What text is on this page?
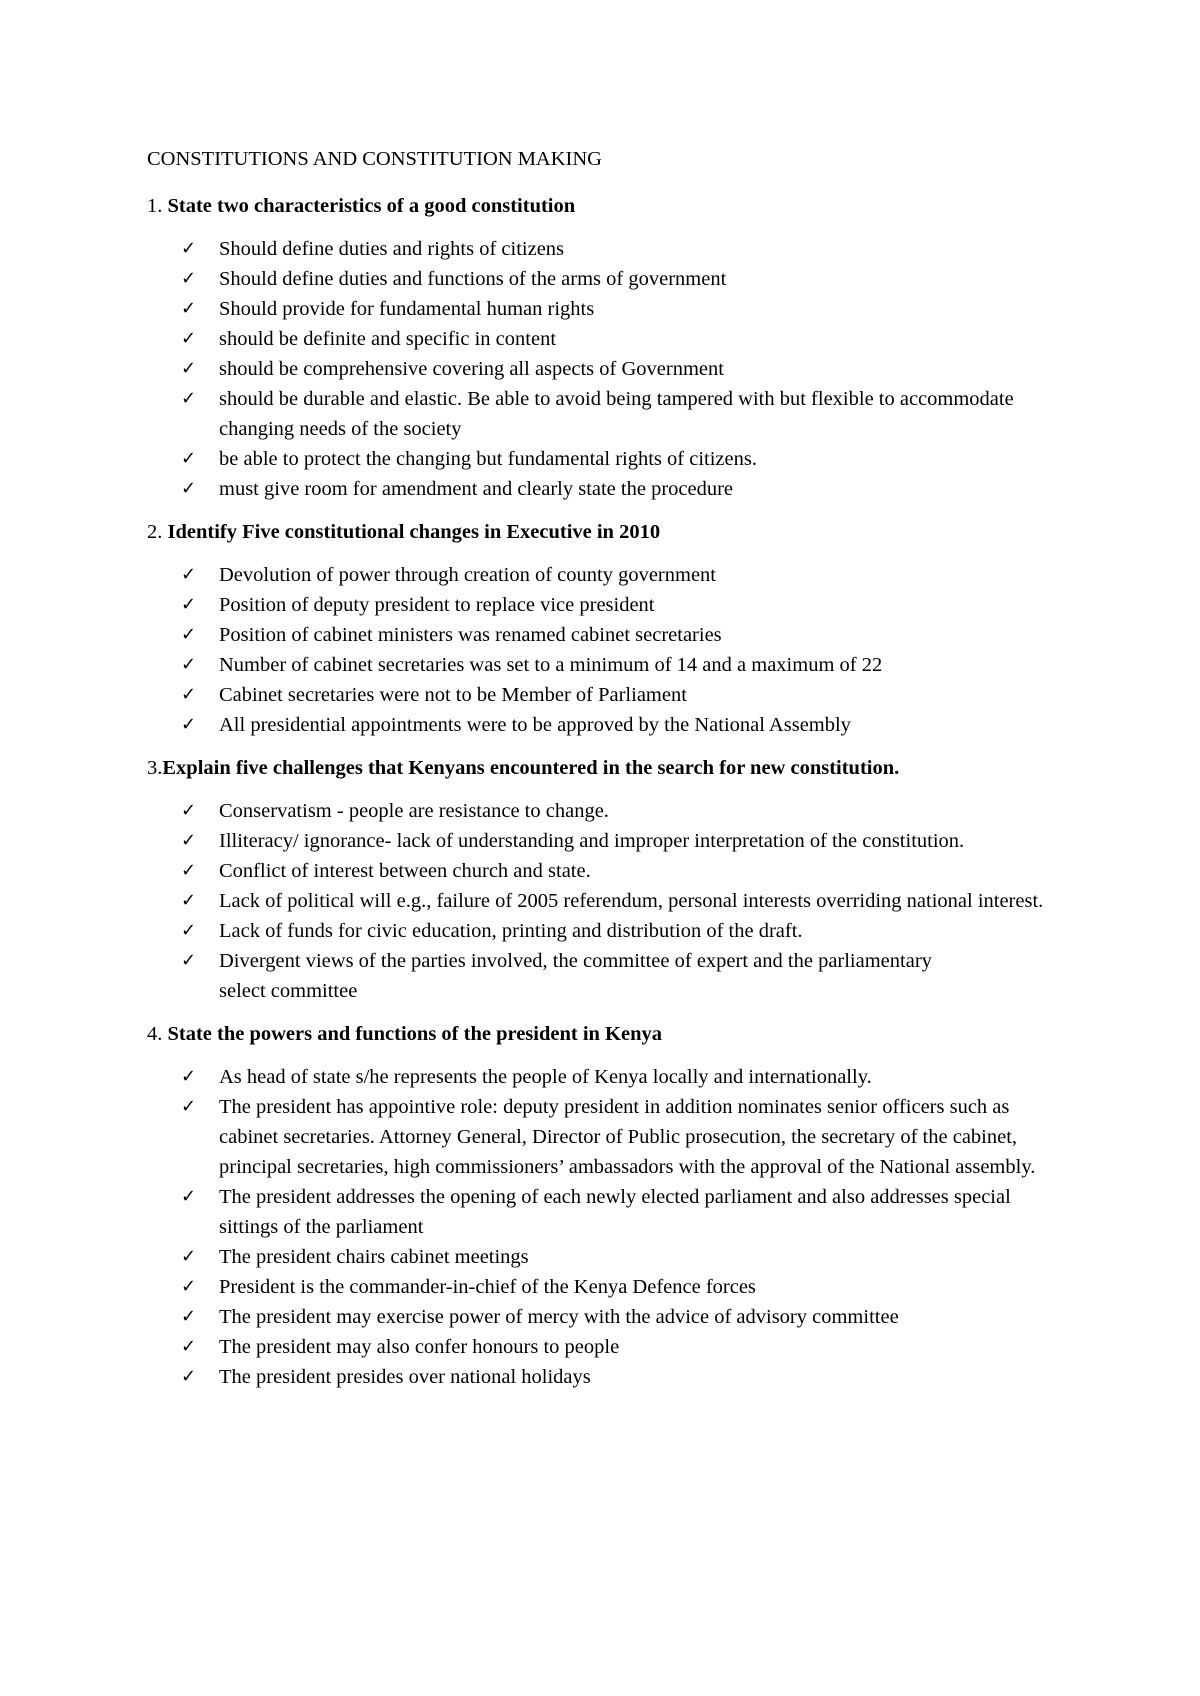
CONSTITUTIONS AND CONSTITUTION MAKING
1. State two characteristics of a good constitution
✓ Should define duties and rights of citizens
✓ Should define duties and functions of the arms of government
✓ Should provide for fundamental human rights
✓ should be definite and specific in content
✓ should be comprehensive covering all aspects of Government
✓ should be durable and elastic. Be able to avoid being tampered with but flexible to accommodate changing needs of the society
✓ be able to protect the changing but fundamental rights of citizens.
✓ must give room for amendment and clearly state the procedure
2. Identify Five constitutional changes in Executive in 2010
✓ Devolution of power through creation of county government
✓ Position of deputy president to replace vice president
✓ Position of cabinet ministers was renamed cabinet secretaries
✓ Number of cabinet secretaries was set to a minimum of 14 and a maximum of 22
✓ Cabinet secretaries were not to be Member of Parliament
✓ All presidential appointments were to be approved by the National Assembly
3.Explain five challenges that Kenyans encountered in the search for new constitution.
✓ Conservatism - people are resistance to change.
✓ Illiteracy/ ignorance- lack of understanding and improper interpretation of the constitution.
✓ Conflict of interest between church and state.
✓ Lack of political will e.g., failure of 2005 referendum, personal interests overriding national interest.
✓ Lack of funds for civic education, printing and distribution of the draft.
✓ Divergent views of the parties involved, the committee of expert and the parliamentary
select committee
4. State the powers and functions of the president in Kenya
✓ As head of state s/he represents the people of Kenya locally and internationally.
✓ The president has appointive role: deputy president in addition nominates senior officers such as cabinet secretaries. Attorney General, Director of Public prosecution, the secretary of the cabinet, principal secretaries, high commissioners’ ambassadors with the approval of the National assembly.
✓ The president addresses the opening of each newly elected parliament and also addresses special sittings of the parliament
✓ The president chairs cabinet meetings
✓ President is the commander-in-chief of the Kenya Defence forces
✓ The president may exercise power of mercy with the advice of advisory committee
✓ The president may also confer honours to people
✓ The president presides over national holidays
